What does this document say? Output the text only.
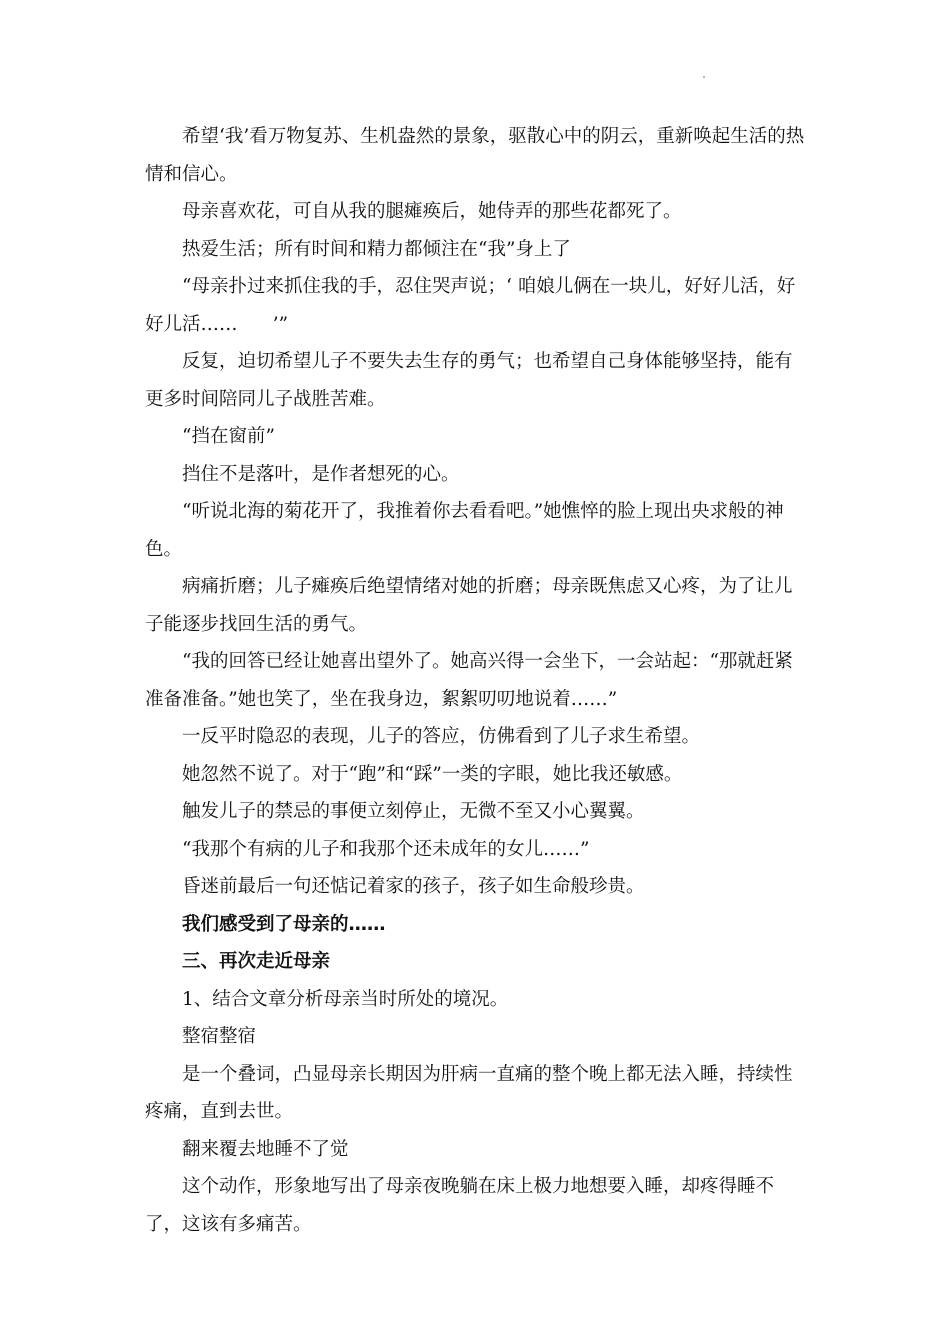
希望‘我’看万物复苏、生机盎然的景象，驱散心中的阴云，重新唤起生活的热情和信心。

母亲喜欢花，可自从我的腿瘫痪后，她侍弄的那些花都死了。

热爱生活；所有时间和精力都倾注在“我”身上了

“母亲扑过来抓住我的手，忍住哭声说；‘ 咱娘儿俩在一块儿，好好儿活，好好儿活……      ’”

反复，迫切希望儿子不要失去生存的勇气；也希望自己身体能够坚持，能有更多时间陪同儿子战胜苦难。

“挡在窗前”

挡住不是落叶，是作者想死的心。

“听说北海的菊花开了，我推着你去看看吧。”她憔悴的脸上现出央求般的神色。

病痛折磨；儿子瘫痪后绝望情绪对她的折磨；母亲既焦虑又心疼，为了让儿子能逐步找回生活的勇气。

“我的回答已经让她喜出望外了。她高兴得一会坐下，一会站起：“那就赶紧准备准备。”她也笑了，坐在我身边，絮絮叨叨地说着……”

一反平时隐忍的表现，儿子的答应，仿佛看到了儿子求生希望。

她忽然不说了。对于“跑”和“踩”一类的字眼，她比我还敏感。

触发儿子的禁忌的事便立刻停止，无微不至又小心翼翼。

“我那个有病的儿子和我那个还未成年的女儿……”

昏迷前最后一句还惦记着家的孩子，孩子如生命般珍贵。

我们感受到了母亲的……

三、再次走近母亲

1、结合文章分析母亲当时所处的境况。

整宿整宿

是一个叠词，凸显母亲长期因为肝病一直痛的整个晚上都无法入睡，持续性疼痛，直到去世。

翻来覆去地睡不了觉

这个动作，形象地写出了母亲夜晚躺在床上极力地想要入睡，却疼得睡不了，这该有多痛苦。
